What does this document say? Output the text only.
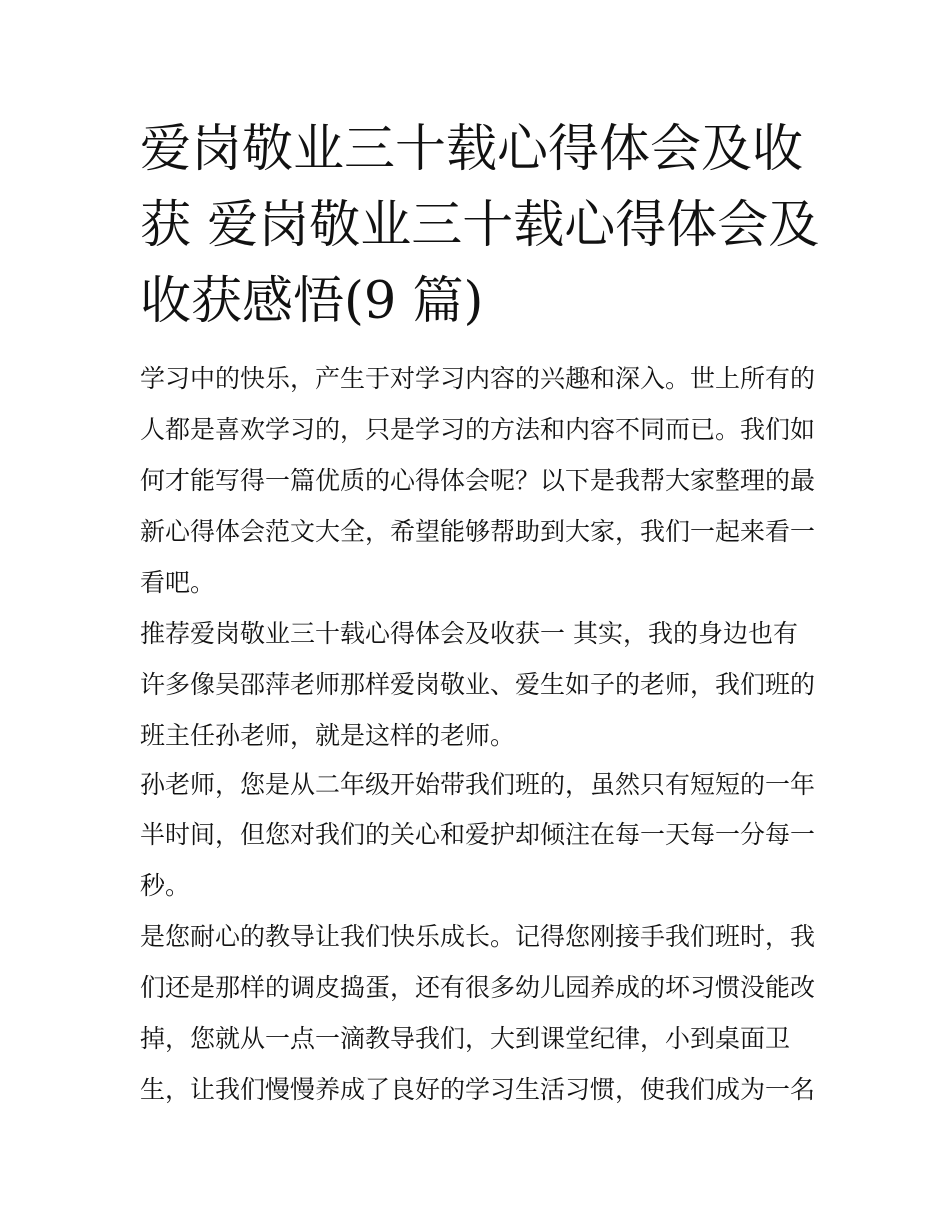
爱岗敬业三十载心得体会及收
获 爱岗敬业三十载心得体会及
收获感悟(9 篇)
学习中的快乐，产生于对学习内容的兴趣和深入。世上所有的
人都是喜欢学习的，只是学习的方法和内容不同而已。我们如
何才能写得一篇优质的心得体会呢？以下是我帮大家整理的最
新心得体会范文大全，希望能够帮助到大家，我们一起来看一
看吧。
推荐爱岗敬业三十载心得体会及收获一 其实，我的身边也有
许多像吴邵萍老师那样爱岗敬业、爱生如子的老师，我们班的
班主任孙老师，就是这样的老师。
孙老师，您是从二年级开始带我们班的，虽然只有短短的一年
半时间，但您对我们的关心和爱护却倾注在每一天每一分每一
秒。
是您耐心的教导让我们快乐成长。记得您刚接手我们班时，我
们还是那样的调皮捣蛋，还有很多幼儿园养成的坏习惯没能改
掉，您就从一点一滴教导我们，大到课堂纪律，小到桌面卫
生，让我们慢慢养成了良好的学习生活习惯，使我们成为一名
